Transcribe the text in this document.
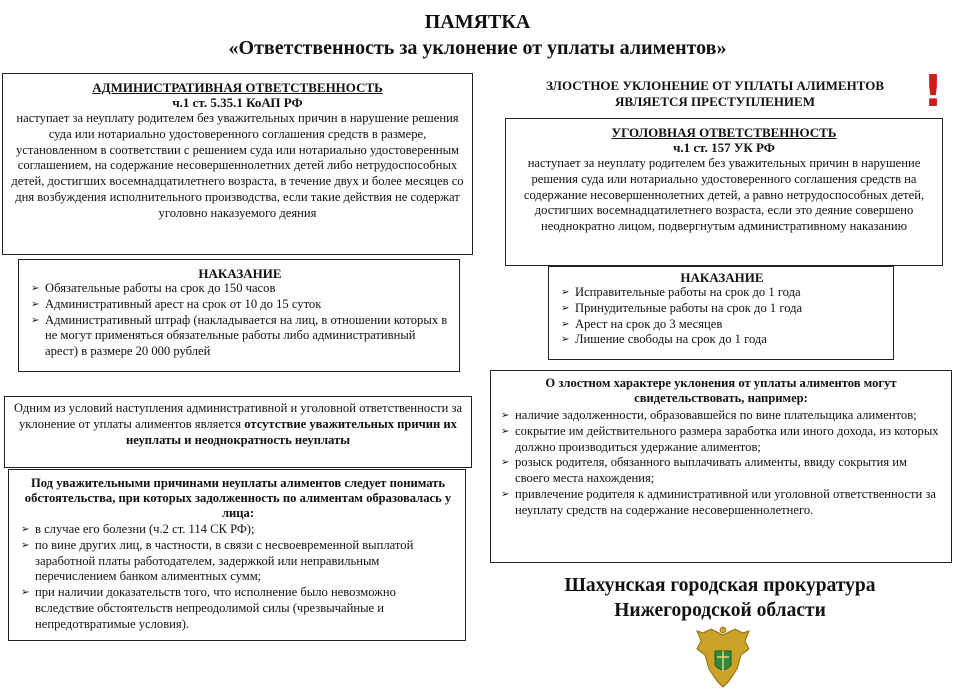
ПАМЯТКА
«Ответственность за уклонение от уплаты алиментов»
АДМИНИСТРАТИВНАЯ ОТВЕТСТВЕННОСТЬ
ч.1 ст. 5.35.1 КоАП РФ
наступает за неуплату родителем без уважительных причин в нарушение решения суда или нотариально удостоверенного соглашения средств в размере, установленном в соответствии с решением суда или нотариально удостоверенным соглашением, на содержание несовершеннолетних детей либо нетрудоспособных детей, достигших восемнадцатилетнего возраста, в течение двух и более месяцев со дня возбуждения исполнительного производства, если такие действия не содержат уголовно наказуемого деяния
НАКАЗАНИЕ
➢ Обязательные работы на срок до 150 часов
➢ Административный арест на срок от 10 до 15 суток
➢ Административный штраф (накладывается на лиц, в отношении которых в не могут применяться обязательные работы либо административный арест) в размере 20 000 рублей
ЗЛОСТНОЕ УКЛОНЕНИЕ ОТ УПЛАТЫ АЛИМЕНТОВ
ЯВЛЯЕТСЯ ПРЕСТУПЛЕНИЕМ	!
УГОЛОВНАЯ ОТВЕТСТВЕННОСТЬ
ч.1 ст. 157 УК РФ
наступает за неуплату родителем без уважительных причин в нарушение решения суда или нотариально удостоверенного соглашения средств на содержание несовершеннолетних детей, а равно нетрудоспособных детей, достигших восемнадцатилетнего возраста, если это деяние совершено неоднократно лицом, подвергнутым административному наказанию
НАКАЗАНИЕ
➢ Исправительные работы на срок до 1 года
➢ Принудительные работы на срок до 1 года
➢ Арест на срок до 3 месяцев
➢ Лишение свободы на срок до 1 года
Одним из условий наступления административной и уголовной ответственности за уклонение от уплаты алиментов является отсутствие уважительных причин их неуплаты и неоднократность неуплаты
Под уважительными причинами неуплаты алиментов следует понимать обстоятельства, при которых задолженность по алиментам образовалась у лица:
➢ в случае его болезни (ч.2 ст. 114 СК РФ);
➢ по вине других лиц, в частности, в связи с несвоевременной выплатой заработной платы работодателем, задержкой или неправильным перечислением банком алиментных сумм;
➢ при наличии доказательств того, что исполнение было невозможно вследствие обстоятельств непреодолимой силы (чрезвычайные и непредотвратимые условия).
О злостном характере уклонения от уплаты алиментов могут свидетельствовать, например:
➢ наличие задолженности, образовавшейся по вине плательщика алиментов;
➢ сокрытие им действительного размера заработка или иного дохода, из которых должно производиться удержание алиментов;
➢ розыск родителя, обязанного выплачивать алименты, ввиду сокрытия им своего места нахождения;
➢ привлечение родителя к административной или уголовной ответственности за неуплату средств на содержание несовершеннолетнего.
Шахунская городская прокуратура
Нижегородской области
